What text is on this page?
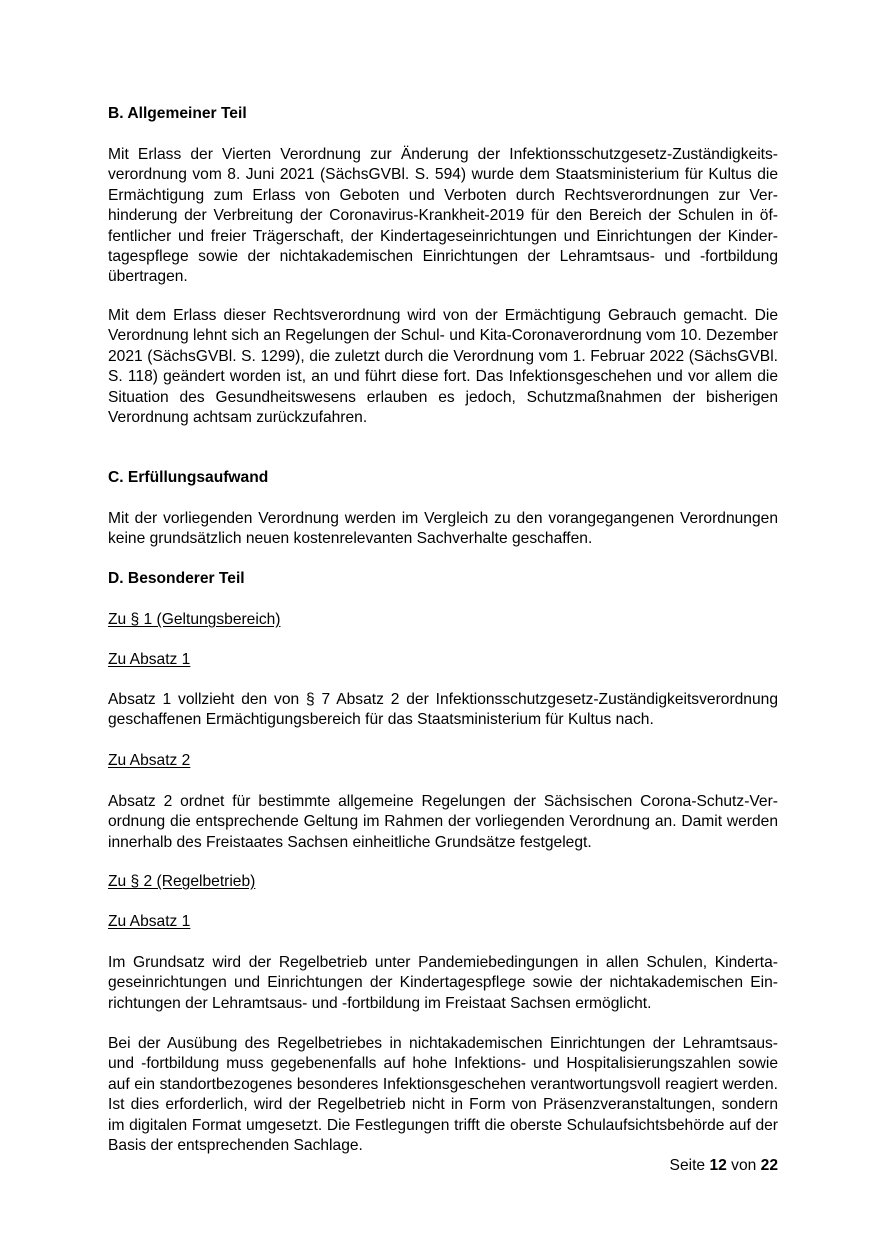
B. Allgemeiner Teil

Mit Erlass der Vierten Verordnung zur Änderung der Infektionsschutzgesetz-Zuständigkeitsverordnung vom 8. Juni 2021 (SächsGVBl. S. 594) wurde dem Staatsministerium für Kultus die Ermächtigung zum Erlass von Geboten und Verboten durch Rechtsverordnungen zur Verhinderung der Verbreitung der Coronavirus-Krankheit-2019 für den Bereich der Schulen in öffentlicher und freier Trägerschaft, der Kindertageseinrichtungen und Einrichtungen der Kindertagespflege sowie der nichtakademischen Einrichtungen der Lehramtsaus- und -fortbildung übertragen.

Mit dem Erlass dieser Rechtsverordnung wird von der Ermächtigung Gebrauch gemacht. Die Verordnung lehnt sich an Regelungen der Schul- und Kita-Coronaverordnung vom 10. Dezember 2021 (SächsGVBl. S. 1299), die zuletzt durch die Verordnung vom 1. Februar 2022 (SächsGVBl. S. 118) geändert worden ist, an und führt diese fort. Das Infektionsgeschehen und vor allem die Situation des Gesundheitswesens erlauben es jedoch, Schutzmaßnahmen der bisherigen Verordnung achtsam zurückzufahren.

C. Erfüllungsaufwand

Mit der vorliegenden Verordnung werden im Vergleich zu den vorangegangenen Verordnungen keine grundsätzlich neuen kostenrelevanten Sachverhalte geschaffen.

D. Besonderer Teil

Zu § 1 (Geltungsbereich)

Zu Absatz 1

Absatz 1 vollzieht den von § 7 Absatz 2 der Infektionsschutzgesetz-Zuständigkeitsverordnung geschaffenen Ermächtigungsbereich für das Staatsministerium für Kultus nach.

Zu Absatz 2

Absatz 2 ordnet für bestimmte allgemeine Regelungen der Sächsischen Corona-Schutz-Verordnung die entsprechende Geltung im Rahmen der vorliegenden Verordnung an. Damit werden innerhalb des Freistaates Sachsen einheitliche Grundsätze festgelegt.

Zu § 2 (Regelbetrieb)

Zu Absatz 1

Im Grundsatz wird der Regelbetrieb unter Pandemiebedingungen in allen Schulen, Kindertageseinrichtungen und Einrichtungen der Kindertagespflege sowie der nichtakademischen Einrichtungen der Lehramtsaus- und -fortbildung im Freistaat Sachsen ermöglicht.

Bei der Ausübung des Regelbetriebes in nichtakademischen Einrichtungen der Lehramtsaus- und -fortbildung muss gegebenenfalls auf hohe Infektions- und Hospitalisierungszahlen sowie auf ein standortbezogenes besonderes Infektionsgeschehen verantwortungsvoll reagiert werden. Ist dies erforderlich, wird der Regelbetrieb nicht in Form von Präsenzveranstaltungen, sondern im digitalen Format umgesetzt. Die Festlegungen trifft die oberste Schulaufsichtsbehörde auf der Basis der entsprechenden Sachlage.

Seite 12 von 22
